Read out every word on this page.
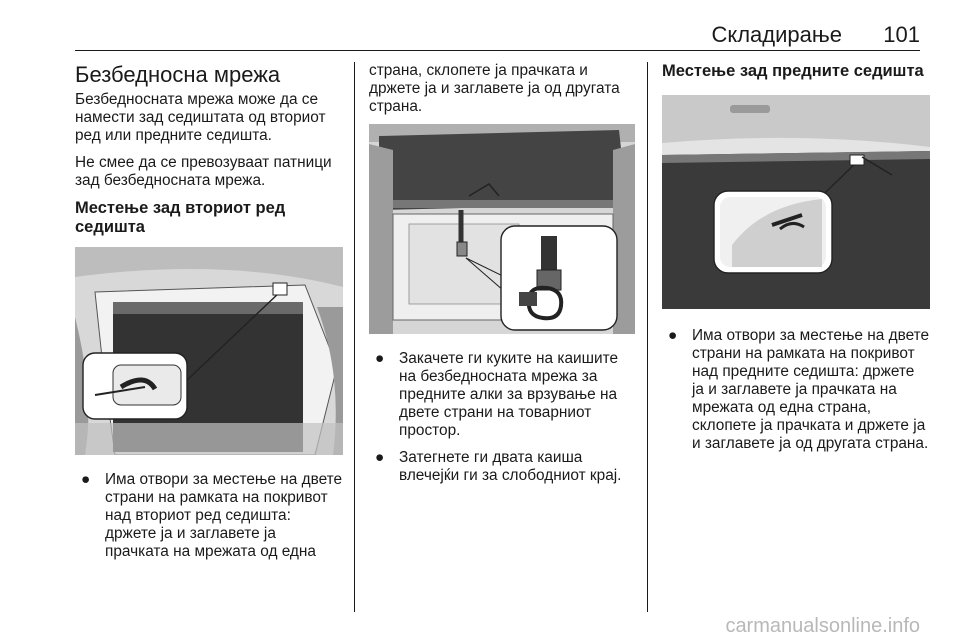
Складирање 101
Безбедносна мрежа

Безбедносната мрежа може да се намести зад седиштата од вториот ред или предните седишта.

Не смее да се превозуваат патници зад безбедносната мрежа.

Местење зад вториот ред седишта
● Има отвори за местење на двете страни на рамката на покривот над вториот ред седишта: држете ја и заглавете ја прачката на мрежата од една

страна, склопете ја прачката и држете ја и заглавете ја од другата страна.

● Закачете ги куките на каишите на безбедносната мрежа за предните алки за врзување на двете страни на товарниот простор.
● Затегнете ги двата каиша влечејќи ги за слободниот крај.
Местење зад предните седишта
● Има отвори за местење на двете страни на рамката на покривот над предните седишта: држете ја и заглавете ја прачката на мрежата од една страна, склопете ја прачката и држете ја и заглавете ја од другата страна.
carmanualsonline.info
